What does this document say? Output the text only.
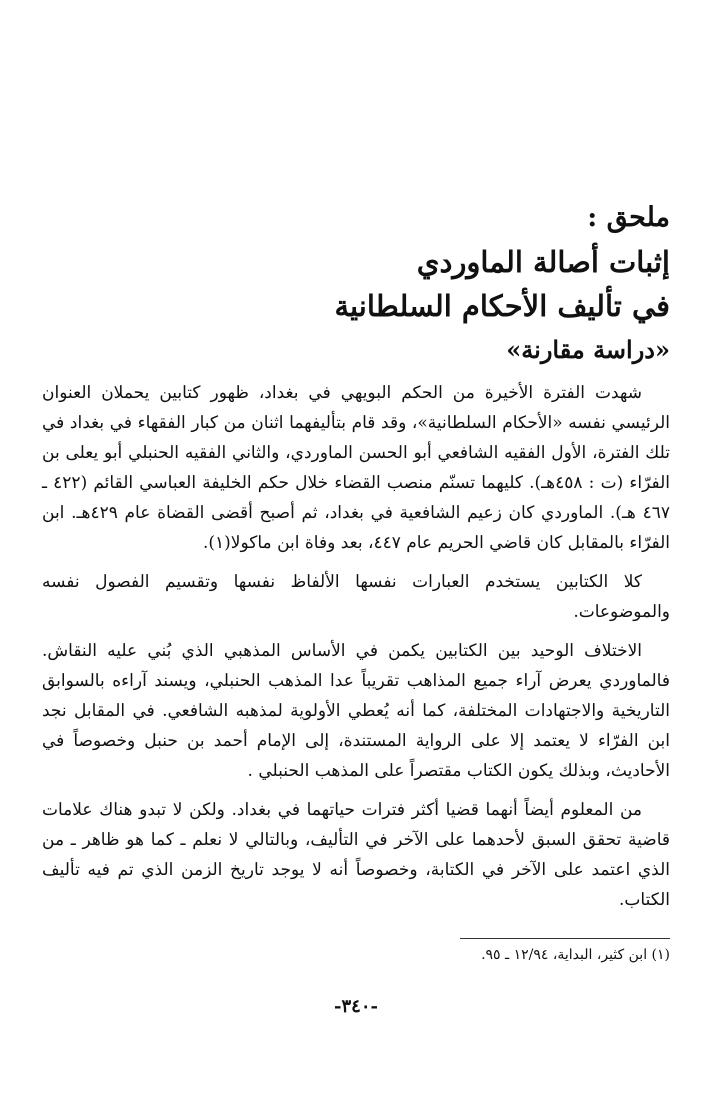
ملحق :

إثبات أصالة الماوردي

في تأليف الأحكام السلطانية

«دراسة مقارنة»

شهدت الفترة الأخيرة من الحكم البويهي في بغداد، ظهور كتابين يحملان العنوان الرئيسي نفسه «الأحكام السلطانية»، وقد قام بتأليفهما اثنان من كبار الفقهاء في بغداد في تلك الفترة، الأول الفقيه الشافعي أبو الحسن الماوردي، والثاني الفقيه الحنبلي أبو يعلى بن الفرّاء (ت : ٤٥٨هـ). كليهما تسنّم منصب القضاء خلال حكم الخليفة العباسي القائم (٤٢٢ ـ ٤٦٧ هـ). الماوردي كان زعيم الشافعية في بغداد، ثم أصبح أقضى القضاة عام ٤٢٩هـ. ابن الفرّاء بالمقابل كان قاضي الحريم عام ٤٤٧، بعد وفاة ابن ماكولا(١).

كلا الكتابين يستخدم العبارات نفسها الألفاظ نفسها وتقسيم الفصول نفسه والموضوعات.

الاختلاف الوحيد بين الكتابين يكمن في الأساس المذهبي الذي بُني عليه النقاش. فالماوردي يعرض آراء جميع المذاهب تقريباً عدا المذهب الحنبلي، ويسند آراءه بالسوابق التاريخية والاجتهادات المختلفة، كما أنه يُعطي الأولوية لمذهبه الشافعي. في المقابل نجد ابن الفرّاء لا يعتمد إلا على الرواية المستندة، إلى الإمام أحمد بن حنبل وخصوصاً في الأحاديث، وبذلك يكون الكتاب مقتصراً على المذهب الحنبلي .

من المعلوم أيضاً أنهما قضيا أكثر فترات حياتهما في بغداد. ولكن لا تبدو هناك علامات قاضية تحقق السبق لأحدهما على الآخر في التأليف، وبالتالي لا نعلم ـ كما هو ظاهر ـ من الذي اعتمد على الآخر في الكتابة، وخصوصاً أنه لا يوجد تاريخ الزمن الذي تم فيه تأليف الكتاب.

(١) ابن كثير، البداية، ١٢/٩٤ ـ ٩٥.
-٣٤٠-
